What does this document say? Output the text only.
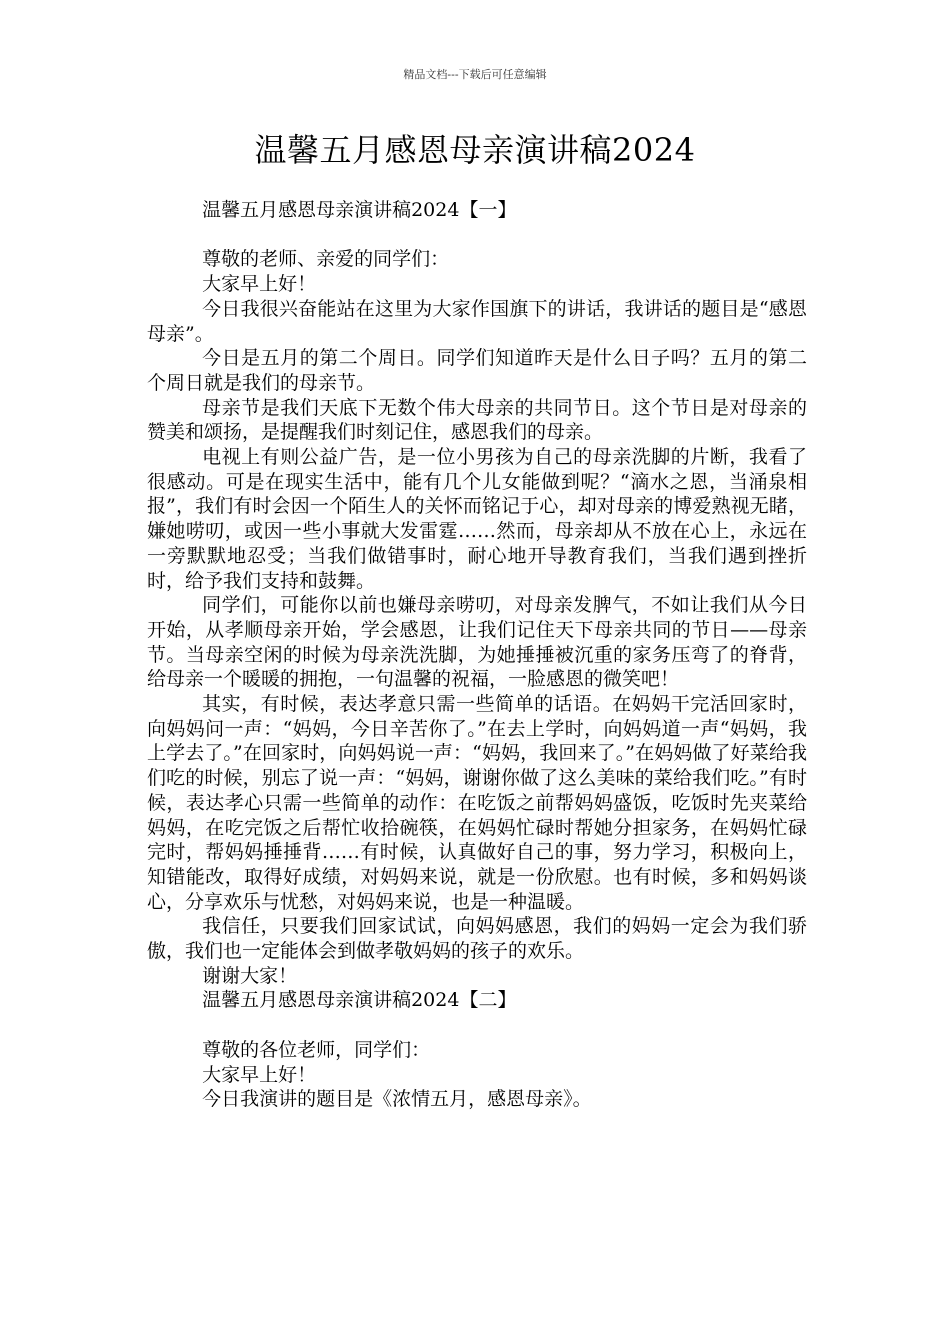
精品文档---下载后可任意编辑
温馨五月感恩母亲演讲稿2024
温馨五月感恩母亲演讲稿2024【一】

尊敬的老师、亲爱的同学们：

大家早上好！

今日我很兴奋能站在这里为大家作国旗下的讲话，我讲话的题目是“感恩母亲”。

今日是五月的第二个周日。同学们知道昨天是什么日子吗？五月的第二个周日就是我们的母亲节。

母亲节是我们天底下无数个伟大母亲的共同节日。这个节日是对母亲的赞美和颂扬，是提醒我们时刻记住，感恩我们的母亲。

电视上有则公益广告，是一位小男孩为自己的母亲洗脚的片断，我看了很感动。可是在现实生活中，能有几个儿女能做到呢？“滴水之恩，当涌泉相报”，我们有时会因一个陌生人的关怀而铭记于心，却对母亲的博爱熟视无睹，嫌她唠叨，或因一些小事就大发雷霆……然而，母亲却从不放在心上，永远在一旁默默地忍受；当我们做错事时，耐心地开导教育我们，当我们遇到挫折时，给予我们支持和鼓舞。

同学们，可能你以前也嫌母亲唠叨，对母亲发脾气，不如让我们从今日开始，从孝顺母亲开始，学会感恩，让我们记住天下母亲共同的节日——母亲节。当母亲空闲的时候为母亲洗洗脚，为她捶捶被沉重的家务压弯了的脊背，给母亲一个暖暖的拥抱，一句温馨的祝福，一脸感恩的微笑吧！

其实，有时候，表达孝意只需一些简单的话语。在妈妈干完活回家时，向妈妈问一声：“妈妈，今日辛苦你了。”在去上学时，向妈妈道一声“妈妈，我上学去了。”在回家时，向妈妈说一声：“妈妈，我回来了。”在妈妈做了好菜给我们吃的时候，别忘了说一声：“妈妈，谢谢你做了这么美味的菜给我们吃。”有时候，表达孝心只需一些简单的动作：在吃饭之前帮妈妈盛饭，吃饭时先夹菜给妈妈，在吃完饭之后帮忙收拾碗筷，在妈妈忙碌时帮她分担家务，在妈妈忙碌完时，帮妈妈捶捶背……有时候，认真做好自己的事，努力学习，积极向上，知错能改，取得好成绩，对妈妈来说，就是一份欣慰。也有时候，多和妈妈谈心，分享欢乐与忧愁，对妈妈来说，也是一种温暖。

我信任，只要我们回家试试，向妈妈感恩，我们的妈妈一定会为我们骄傲，我们也一定能体会到做孝敬妈妈的孩子的欢乐。

谢谢大家！

温馨五月感恩母亲演讲稿2024【二】

尊敬的各位老师，同学们：

大家早上好！

今日我演讲的题目是《浓情五月，感恩母亲》。
